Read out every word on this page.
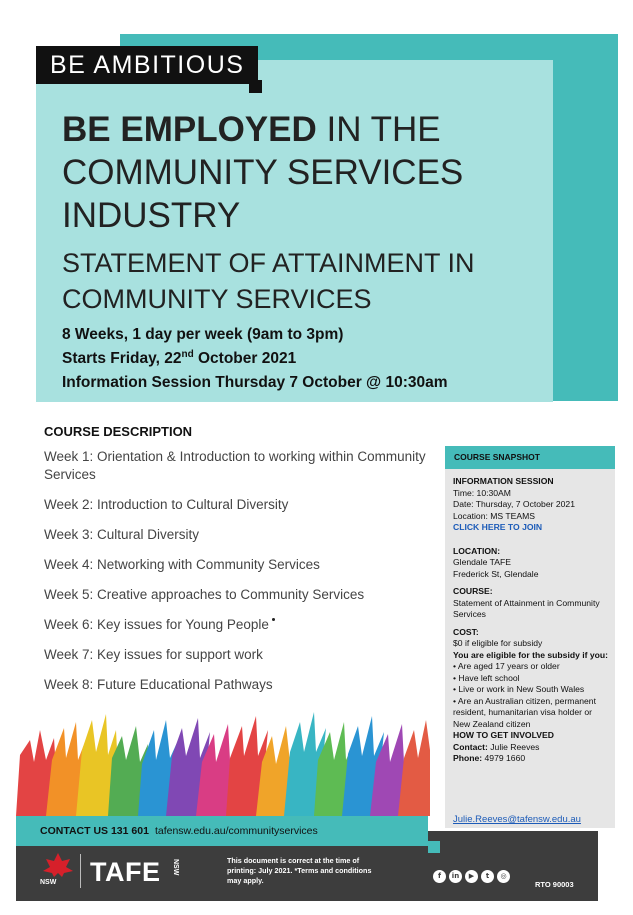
BE AMBITIOUS
BE EMPLOYED IN THE COMMUNITY SERVICES INDUSTRY
STATEMENT OF ATTAINMENT IN COMMUNITY SERVICES
8 Weeks, 1 day per week (9am to 3pm)
Starts Friday, 22nd October 2021
Information Session Thursday 7 October @ 10:30am
COURSE DESCRIPTION
Week 1: Orientation & Introduction to working within Community Services
Week 2: Introduction to Cultural Diversity
Week 3: Cultural Diversity
Week 4: Networking with Community Services
Week 5: Creative approaches to Community Services
Week 6: Key issues for Young People
Week 7: Key issues for support work
Week 8: Future Educational Pathways
COURSE SNAPSHOT
INFORMATION SESSION
Time: 10:30AM
Date: Thursday, 7 October 2021
Location: MS TEAMS
CLICK HERE TO JOIN
LOCATION:
Glendale TAFE
Frederick St, Glendale
COURSE:
Statement of Attainment in Community Services
COST:
$0 if eligible for subsidy
You are eligible for the subsidy if you:
• Are aged 17 years or older
• Have left school
• Live or work in New South Wales
• Are an Australian citizen, permanent resident, humanitarian visa holder or New Zealand citizen
HOW TO GET INVOLVED
Contact: Julie Reeves
Phone: 4979 1660
Julie.Reeves@tafensw.edu.au
CONTACT US 131 601 tafensw.edu.au/communityservices
NSW TAFE NSW	This document is correct at the time of printing: July 2021. *Terms and conditions may apply.	f	in	▶	t	◎
RTO 90003
